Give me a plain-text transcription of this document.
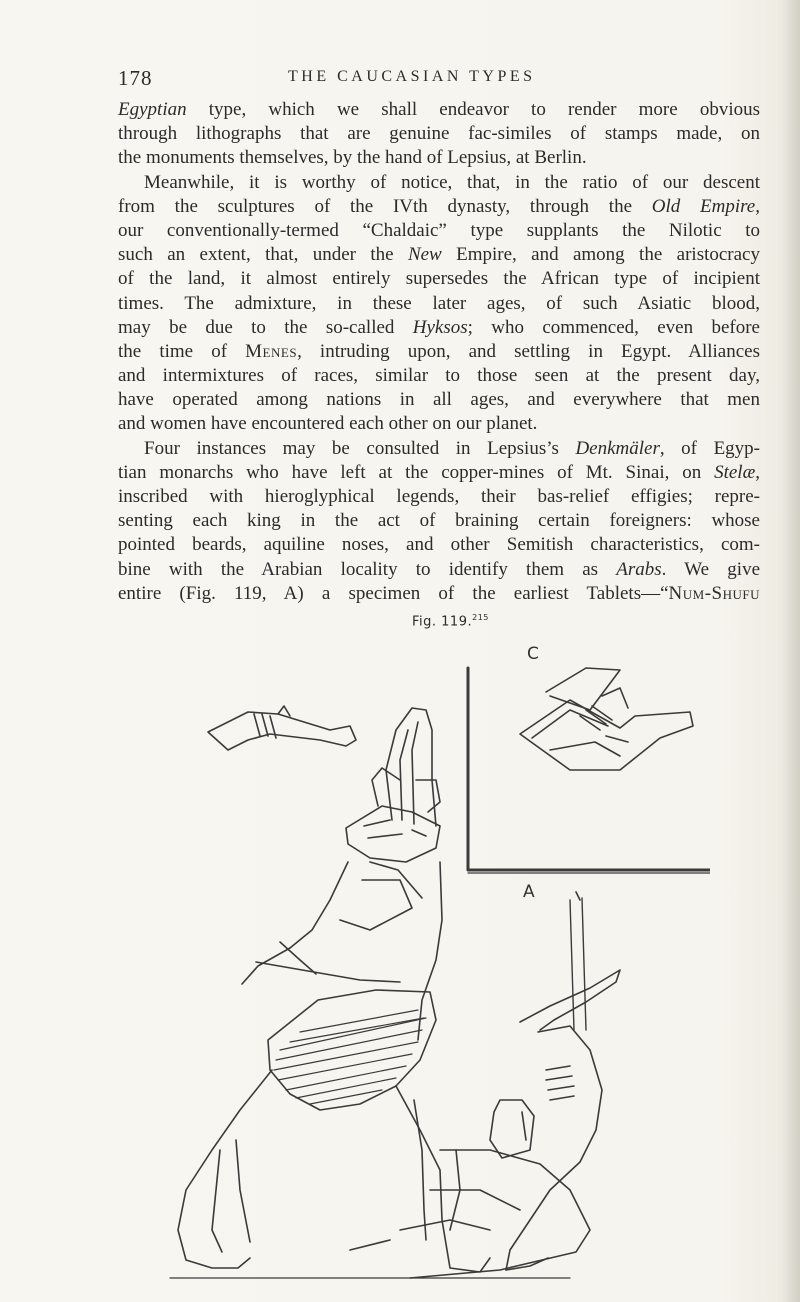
178	THE CAUCASIAN TYPES
Egyptian type, which we shall endeavor to render more obvious
through lithographs that are genuine fac-similes of stamps made, on
the monuments themselves, by the hand of Lepsius, at Berlin.
Meanwhile, it is worthy of notice, that, in the ratio of our descent
from the sculptures of the IVth dynasty, through the Old Empire,
our conventionally-termed “Chaldaic” type supplants the Nilotic to
such an extent, that, under the New Empire, and among the aristocracy
of the land, it almost entirely supersedes the African type of incipient
times. The admixture, in these later ages, of such Asiatic blood,
may be due to the so-called Hyksos; who commenced, even before
the time of Menes, intruding upon, and settling in Egypt. Alliances
and intermixtures of races, similar to those seen at the present day,
have operated among nations in all ages, and everywhere that men
and women have encountered each other on our planet.
Four instances may be consulted in Lepsius’s Denkmäler, of Egyp-
tian monarchs who have left at the copper-mines of Mt. Sinai, on Stelæ,
inscribed with hieroglyphical legends, their bas-relief effigies; repre-
senting each king in the act of braining certain foreigners: whose
pointed beards, aquiline noses, and other Semitish characteristics, com-
bine with the Arabian locality to identify them as Arabs. We give
entire (Fig. 119, A) a specimen of the earliest Tablets—“Num-Shufu
Fig. 119.$^{215}$
C
A
